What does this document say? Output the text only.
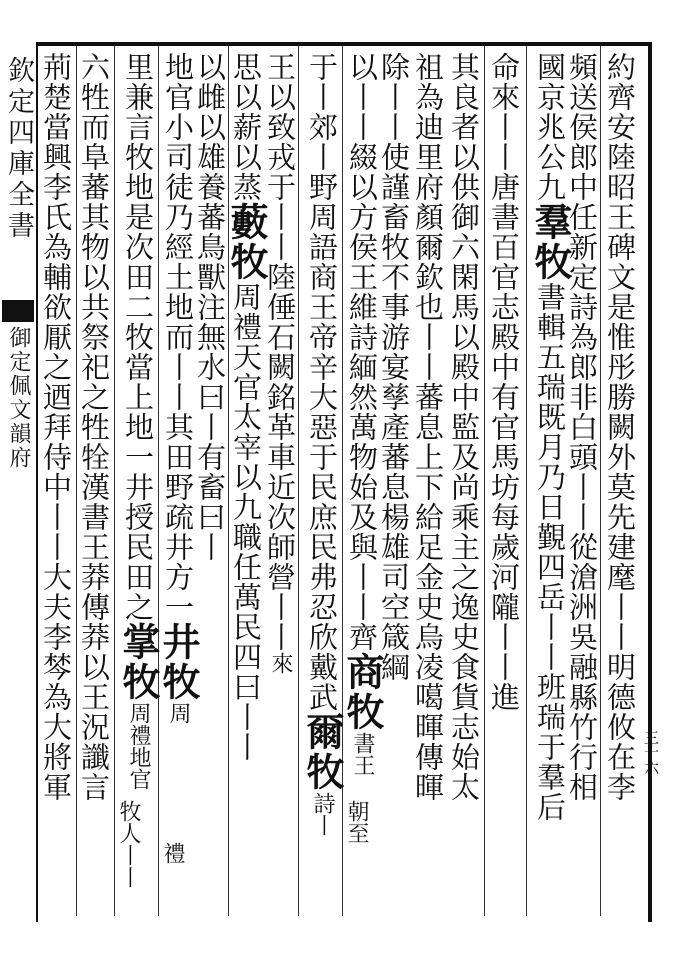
欽定四庫全書
御定佩文韻府	約齊安陸昭王碑文是惟彤勝闕外莫先建麾丨丨明德攸在李
頻送侯郎中任新定詩為郎非白頭丨丨從滄洲吳融縣竹行相
國京兆公九羣牧書輯五瑞既月乃日覲四岳丨丨班瑞于羣后
命來丨丨唐書百官志殿中有官馬坊每歲河隴丨丨進
其良者以供御六閑馬以殿中監及尚乘主之逸史食貨志始太
祖為迪里府顏爾欽也丨丨蕃息上下給足金史烏凌噶暉傳暉
除丨丨使謹畜牧不事游宴孳產蕃息楊雄司空箴綱
以丨丨綴以方侯王維詩緬然萬物始及與丨丨齊商牧書王
朝至
于丨郊丨野周語商王帝辛大惡于民庶民弗忍欣戴武爾牧詩丨
王以致戎于丨丨陸倕石闕銘革車近次師營丨丨來
思以薪以蒸藪牧周禮天官太宰以九職任萬民四曰丨丨
以雌以雄養蕃鳥獸注無水曰丨有畜曰丨
地官小司徒乃經土地而丨丨其田野疏井方一井牧周
禮
里兼言牧地是次田二牧當上地一井授民田之掌牧周禮地官
牧人丨丨
六牲而阜蕃其物以共祭祀之牲牷漢書王莽傳莽以王況讖言
荊楚當興李氏為輔欲厭之迺拜侍中丨丨大夫李棽為大將軍	三十六
